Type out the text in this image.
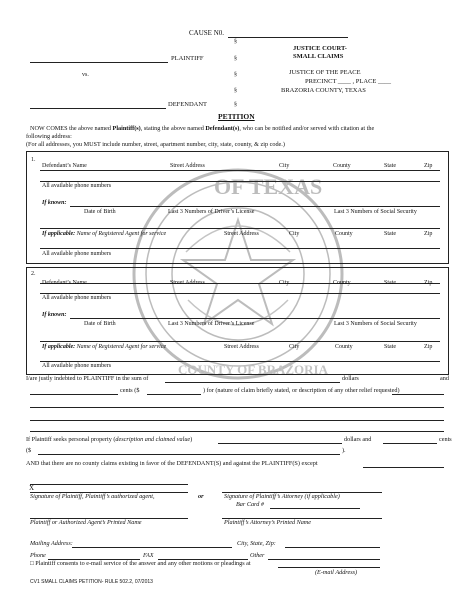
OF TEXAS
COUNTY OF BRAZORIA
CAUSE N0.
§
JUSTICE COURT-
SMALL CLAIMS
PLAINTIFF	§
vs.	§	JUSTICE OF THE PEACE
PRECINCT ____ , PLACE ____
BRAZORIA COUNTY, TEXAS
§
DEFENDANT	§
PETITION
NOW COMES the above named Plaintiff(s), stating the above named Defendant(s), who can be notified and/or served with citation at the
following address:
(For all addresses, you MUST include number, street, apartment number, city, state, county, & zip code.)
1.
Defendant’s Name	Street Address	City	County	State	Zip
All available phone numbers
If known:
Date of Birth	Last 3 Numbers of Driver’s License	Last 3 Numbers of Social Security
If applicable: Name of Registered Agent for service	Street Address	City	County	State	Zip
All available phone numbers
2.
Defendant’s Name	Street Address	City	County	State	Zip
All available phone numbers
If known:
Date of Birth	Last 3 Numbers of Driver’s License	Last 3 Numbers of Social Security
If applicable: Name of Registered Agent for service	Street Address	City	County	State	Zip
All available phone numbers
I/are justly indebted to PLAINTIFF in the sum of	dollars	and
cents ($	) for (nature of claim briefly stated, or description of any other relief requested)
If Plaintiff seeks personal property (description and claimed value)	dollars and	cents
($	).
AND that there are no county claims existing in favor of the DEFENDANT(S) and against the PLAINTIFF(S) except
X
Signature of Plaintiff, Plaintiff’s authorized agent,	or	Signature of Plaintiff’s Attorney (if applicable)
Bar Card #
Plaintiff or Authorized Agent’s Printed Name	Plaintiff’s Attorney’s Printed Name
Mailing Address:	City, State, Zip:
Phone	FAX	Other
□ Plaintiff consents to e-mail service of the answer and any other motions or pleadings at
(E-mail Address)
CV1 SMALL CLAIMS PETITION- RULE 502.2, 07/2013
